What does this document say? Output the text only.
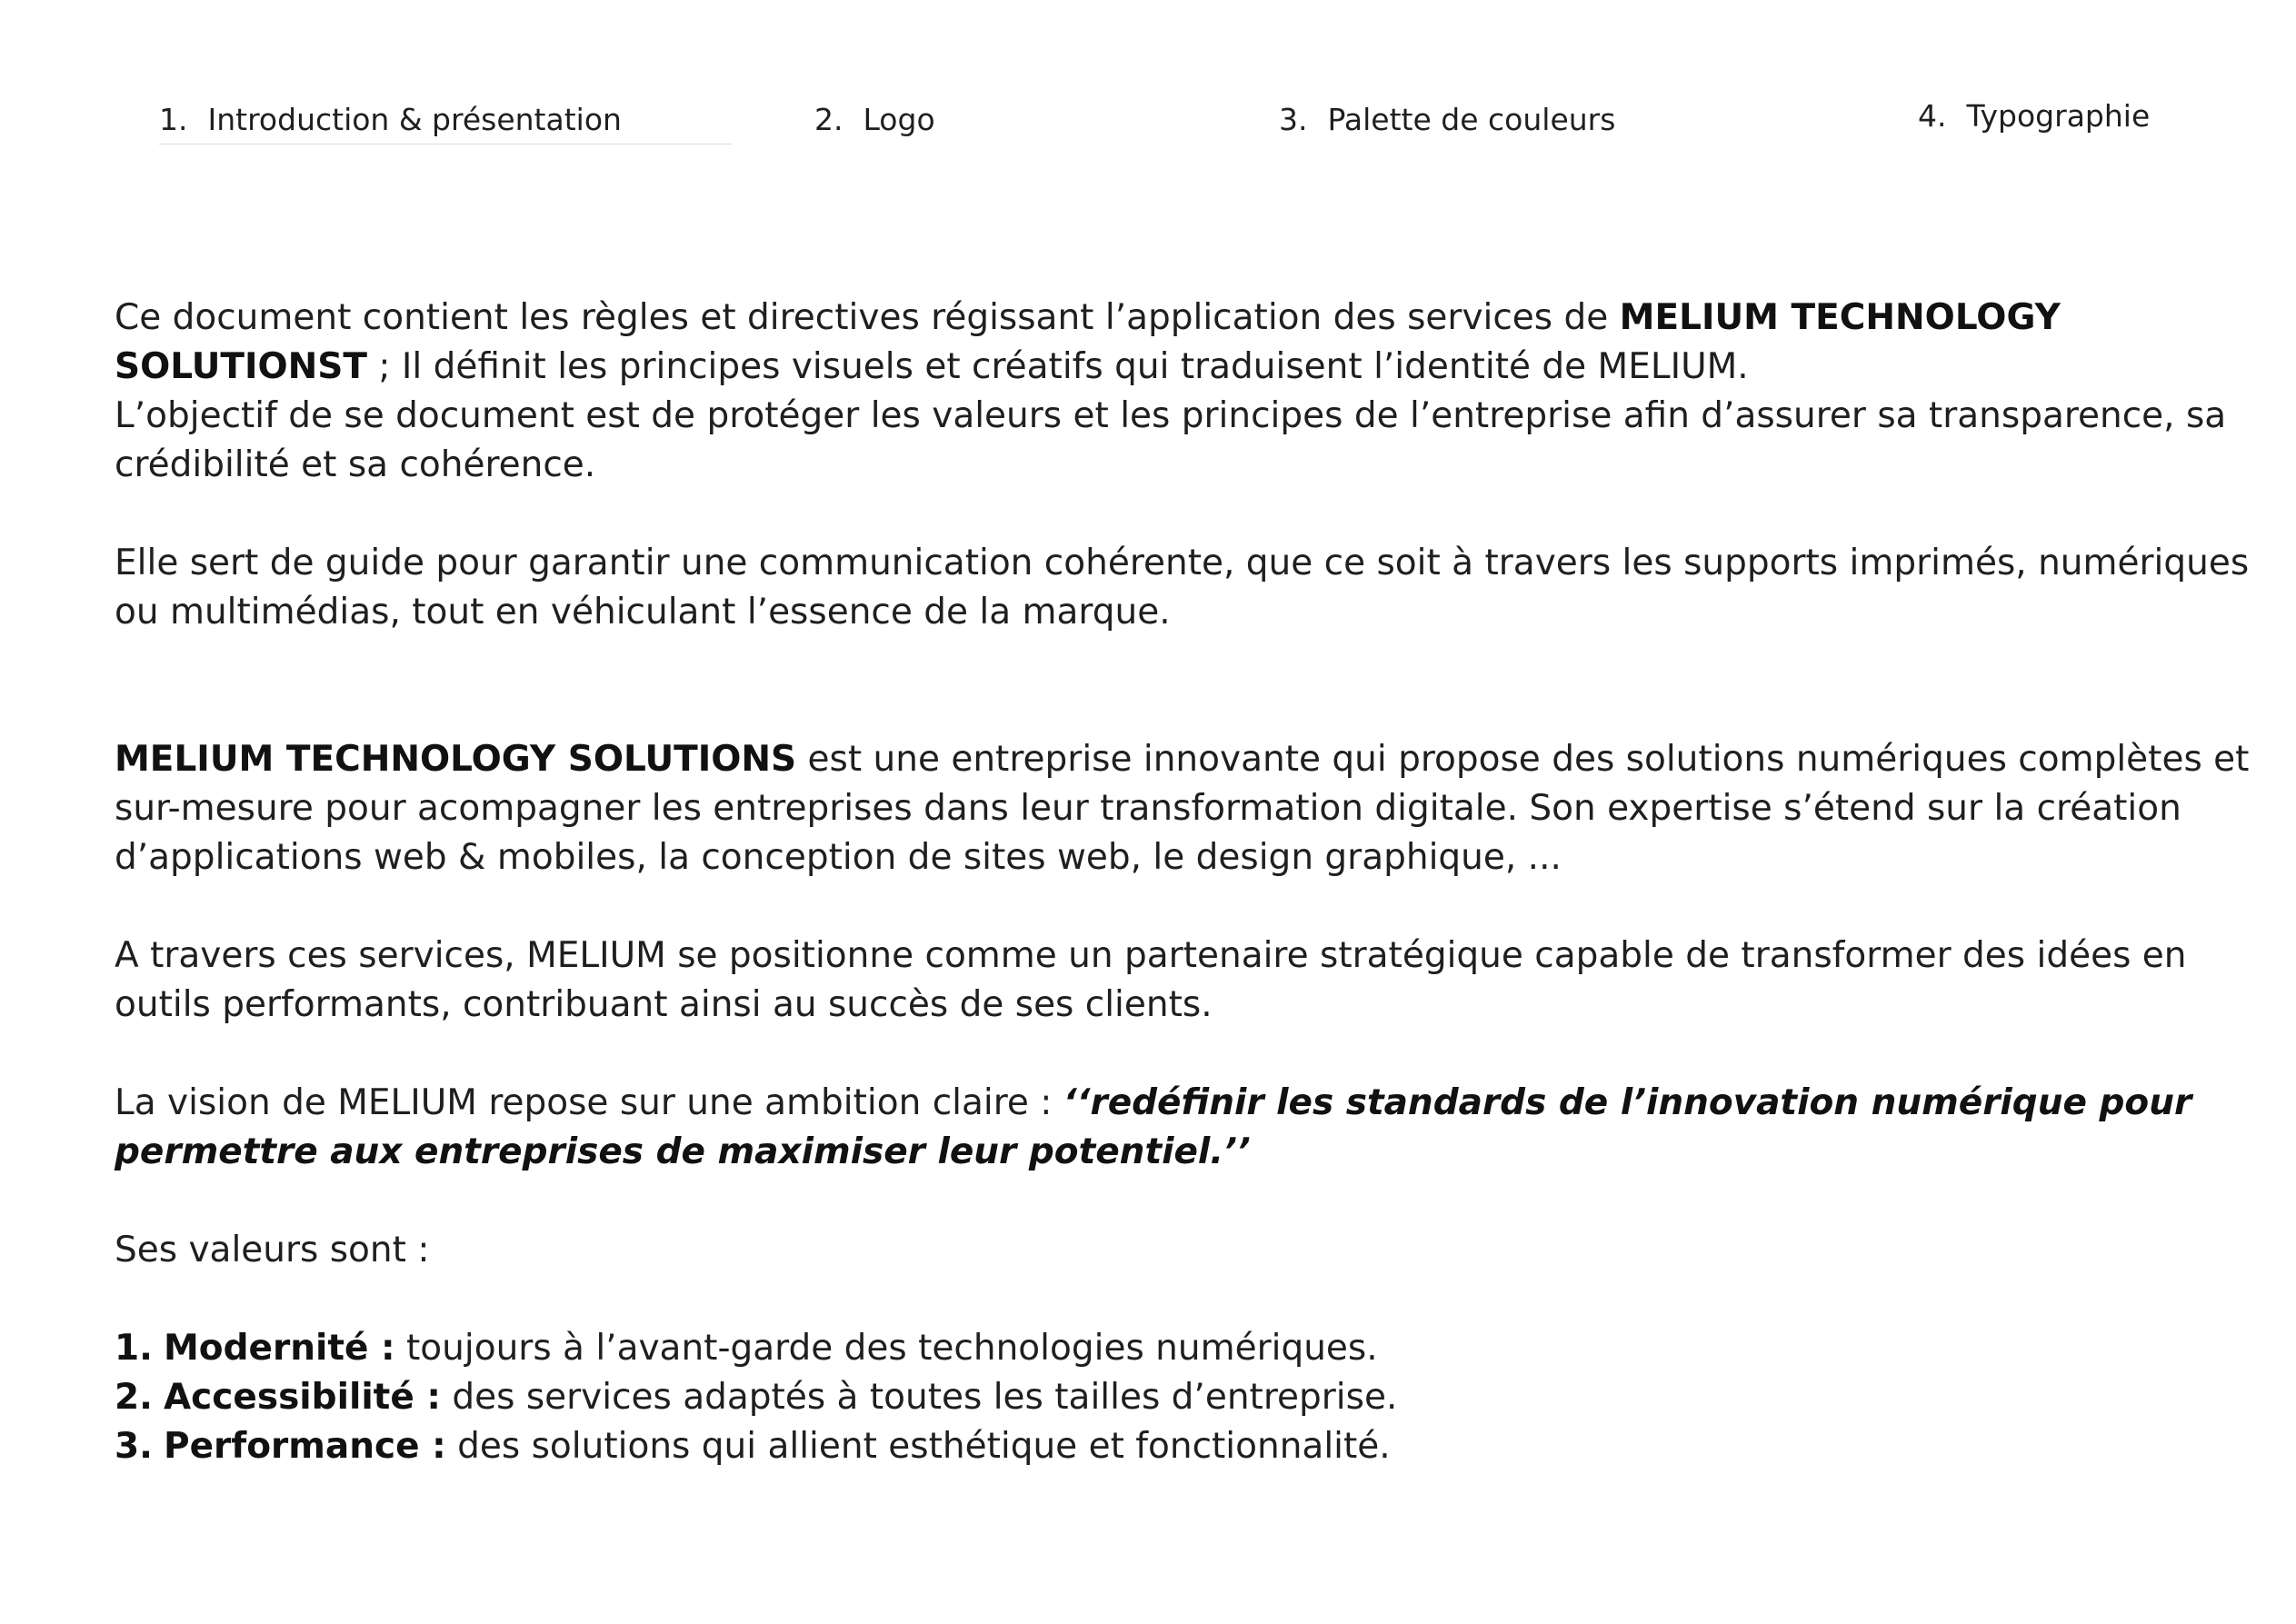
1. Introduction & présentation	2. Logo	3. Palette de couleurs	4. Typographie

Ce document contient les règles et directives régissant l’application des services de MELIUM TECHNOLOGY SOLUTIONST ; Il définit les principes visuels et créatifs qui traduisent l’identité de MELIUM.

L’objectif de se document est de protéger les valeurs et les principes de l’entreprise afin d’assurer sa transparence, sa crédibilité et sa cohérence.

Elle sert de guide pour garantir une communication cohérente, que ce soit à travers les supports imprimés, numériques ou multimédias, tout en véhiculant l’essence de la marque.

MELIUM TECHNOLOGY SOLUTIONS est une entreprise innovante qui propose des solutions numériques complètes et sur-mesure pour acompagner les entreprises dans leur transformation digitale. Son expertise s’étend sur la création d’applications web & mobiles, la conception de sites web, le design graphique, ...

A travers ces services, MELIUM se positionne comme un partenaire stratégique capable de transformer des idées en outils performants, contribuant ainsi au succès de ses clients.

La vision de MELIUM repose sur une ambition claire : ‘‘redéfinir les standards de l’innovation numérique pour permettre aux entreprises de maximiser leur potentiel.’’

Ses valeurs sont :

1. Modernité : toujours à l’avant-garde des technologies numériques.
2. Accessibilité : des services adaptés à toutes les tailles d’entreprise.
3. Performance : des solutions qui allient esthétique et fonctionnalité.
